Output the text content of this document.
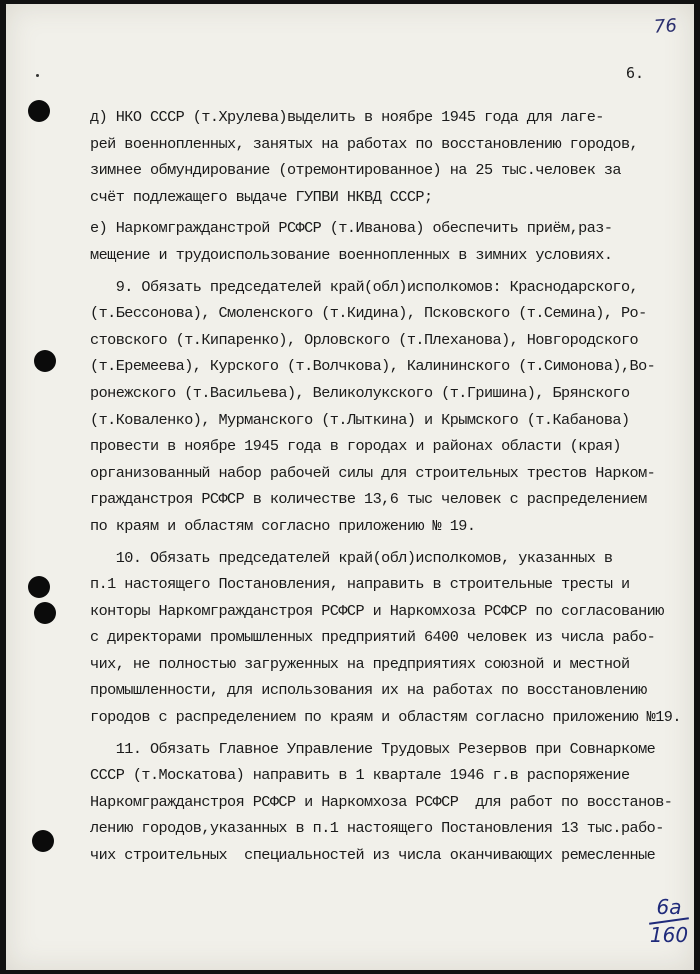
76
6.
д) НКО СССР (т.Хрулева)выделить в ноябре 1945 года для лаге-
рей военнопленных, занятых на работах по восстановлению городов,
зимнее обмундирование (отремонтированное) на 25 тыс.человек за
счёт подлежащего выдаче ГУПВИ НКВД СССР;
е) Наркомгражданстрой РСФСР (т.Иванова) обеспечить приём,раз-
мещение и трудоиспользование военнопленных в зимних условиях.
9. Обязать председателей край(обл)исполкомов: Краснодарского,
(т.Бессонова), Смоленского (т.Кидина), Псковского (т.Семина), Ро-
стовского (т.Кипаренко), Орловского (т.Плеханова), Новгородского
(т.Еремеева), Курского (т.Волчкова), Калининского (т.Симонова),Во-
ронежского (т.Васильева), Великолукского (т.Гришина), Брянского
(т.Коваленко), Мурманского (т.Лыткина) и Крымского (т.Кабанова)
провести в ноябре 1945 года в городах и районах области (края)
организованный набор рабочей силы для строительных трестов Нарком-
гражданстроя РСФСР в количестве 13,6 тыс человек с распределением
по краям и областям согласно приложению № 19.
10. Обязать председателей край(обл)исполкомов, указанных в
п.1 настоящего Постановления, направить в строительные тресты и
конторы Наркомгражданстроя РСФСР и Наркомхоза РСФСР по согласованию
с директорами промышленных предприятий 6400 человек из числа рабо-
чих, не полностью загруженных на предприятиях союзной и местной
промышленности, для использования их на работах по восстановлению
городов с распределением по краям и областям согласно приложению №19.
11. Обязать Главное Управление Трудовых Резервов при Совнаркоме
СССР (т.Москатова) направить в 1 квартале 1946 г.в распоряжение
Наркомгражданстроя РСФСР и Наркомхоза РСФСР  для работ по восстанов-
лению городов,указанных в п.1 настоящего Постановления 13 тыс.рабо-
чих строительных  специальностей из числа оканчивающих ремесленные
6а
160
